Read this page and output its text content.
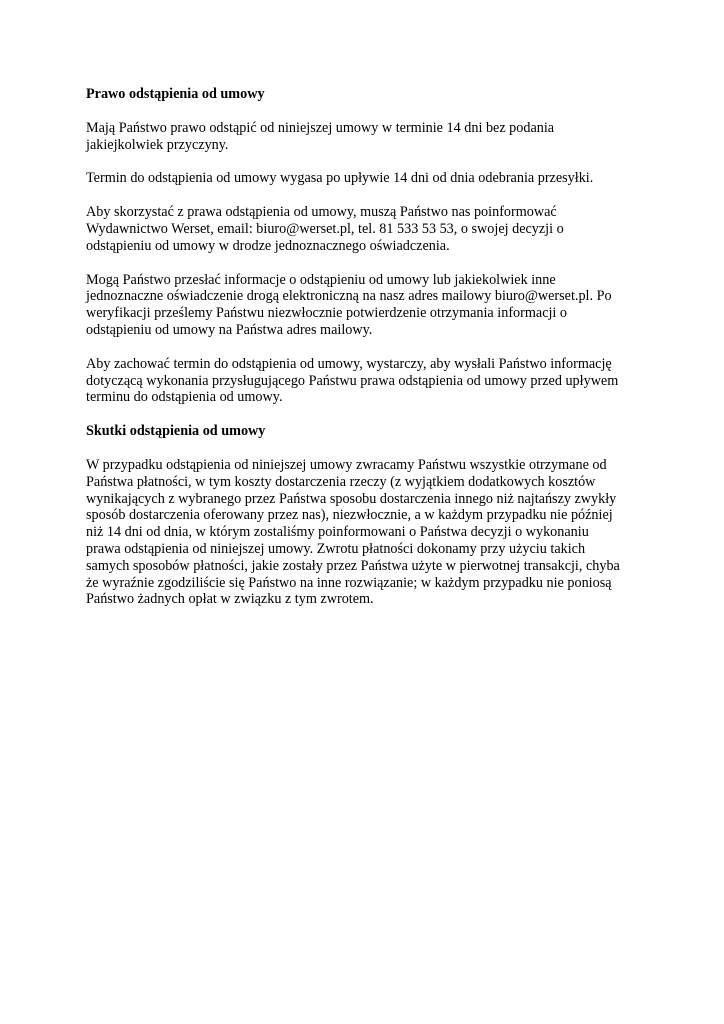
Prawo odstąpienia od umowy
Mają Państwo prawo odstąpić od niniejszej umowy w terminie 14 dni bez podania
jakiejkolwiek przyczyny.
Termin do odstąpienia od umowy wygasa po upływie 14 dni od dnia odebrania przesyłki.
Aby skorzystać z prawa odstąpienia od umowy, muszą Państwo nas poinformować
Wydawnictwo Werset, email: biuro@werset.pl, tel. 81 533 53 53, o swojej decyzji o
odstąpieniu od umowy w drodze jednoznacznego oświadczenia.
Mogą Państwo przesłać informacje o odstąpieniu od umowy lub jakiekolwiek inne
jednoznaczne oświadczenie drogą elektroniczną na nasz adres mailowy biuro@werset.pl. Po
weryfikacji prześlemy Państwu niezwłocznie potwierdzenie otrzymania informacji o
odstąpieniu od umowy na Państwa adres mailowy.
Aby zachować termin do odstąpienia od umowy, wystarczy, aby wysłali Państwo informację
dotyczącą wykonania przysługującego Państwu prawa odstąpienia od umowy przed upływem
terminu do odstąpienia od umowy.
Skutki odstąpienia od umowy
W przypadku odstąpienia od niniejszej umowy zwracamy Państwu wszystkie otrzymane od
Państwa płatności, w tym koszty dostarczenia rzeczy (z wyjątkiem dodatkowych kosztów
wynikających z wybranego przez Państwa sposobu dostarczenia innego niż najtańszy zwykły
sposób dostarczenia oferowany przez nas), niezwłocznie, a w każdym przypadku nie później
niż 14 dni od dnia, w którym zostaliśmy poinformowani o Państwa decyzji o wykonaniu
prawa odstąpienia od niniejszej umowy. Zwrotu płatności dokonamy przy użyciu takich
samych sposobów płatności, jakie zostały przez Państwa użyte w pierwotnej transakcji, chyba
że wyraźnie zgodziliście się Państwo na inne rozwiązanie; w każdym przypadku nie poniosą
Państwo żadnych opłat w związku z tym zwrotem.
